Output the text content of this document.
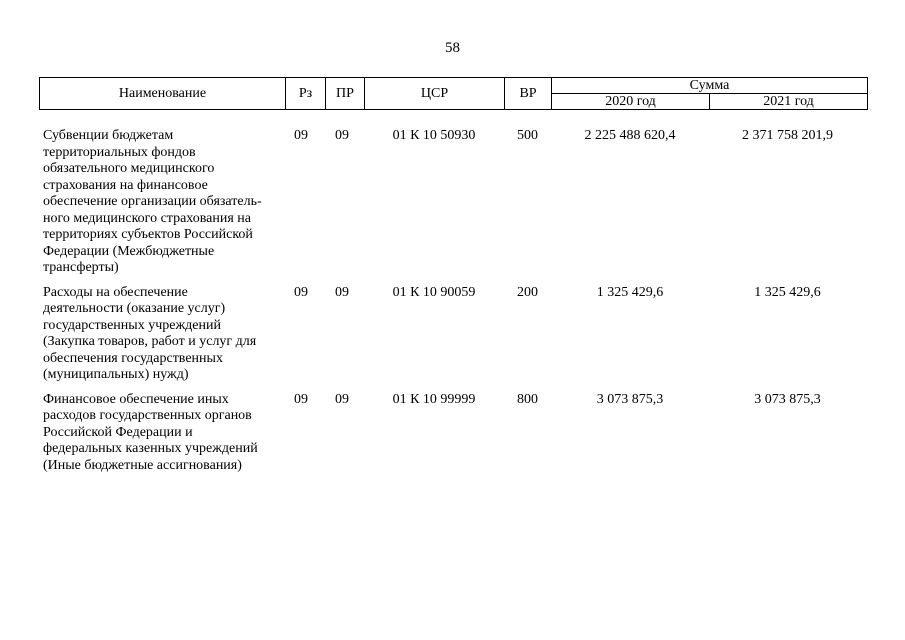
58
Наименование	Рз	ПР	ЦСР	ВР
Сумма
2020 год	2021 год
Субвенции бюджетам
территориальных фондов
обязательного медицинского
страхования на финансовое
обеспечение организации обязатель-
ного медицинского страхования на
территориях субъектов Российской
Федерации (Межбюджетные
трансферты)
09	09	01 К 10 50930	500	2 225 488 620,4	2 371 758 201,9
Расходы на обеспечение
деятельности (оказание услуг)
государственных учреждений
(Закупка товаров, работ и услуг для
обеспечения государственных
(муниципальных) нужд)
09	09	01 К 10 90059	200	1 325 429,6	1 325 429,6
Финансовое обеспечение иных
расходов государственных органов
Российской Федерации и
федеральных казенных учреждений
(Иные бюджетные ассигнования)
09	09	01 К 10 99999	800	3 073 875,3	3 073 875,3
